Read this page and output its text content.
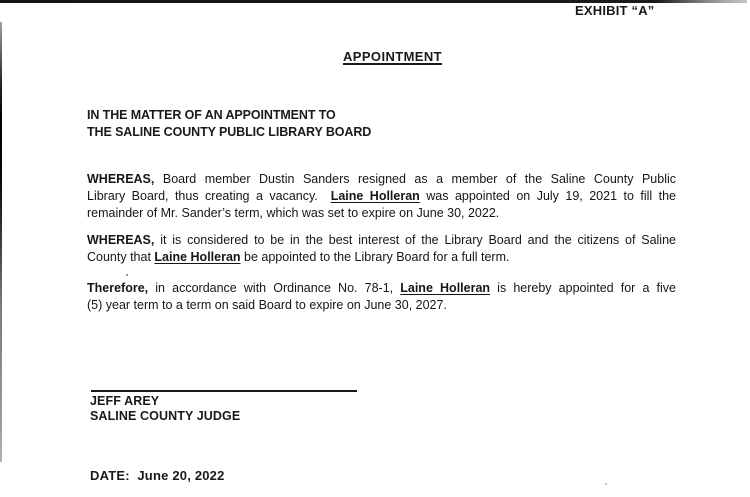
EXHIBIT “A”
APPOINTMENT
IN THE MATTER OF AN APPOINTMENT TO
THE SALINE COUNTY PUBLIC LIBRARY BOARD
WHEREAS, Board member Dustin Sanders resigned as a member of the Saline County Public
Library Board, thus creating a vacancy.  Laine Holleran was appointed on July 19, 2021 to fill the
remainder of Mr. Sander’s term, which was set to expire on June 30, 2022.
WHEREAS, it is considered to be in the best interest of the Library Board and the citizens of Saline
County that Laine Holleran be appointed to the Library Board for a full term.
Therefore, in accordance with Ordinance No. 78-1, Laine Holleran is hereby appointed for a five
(5) year term to a term on said Board to expire on June 30, 2027.
JEFF AREY
SALINE COUNTY JUDGE
DATE:  June 20, 2022
